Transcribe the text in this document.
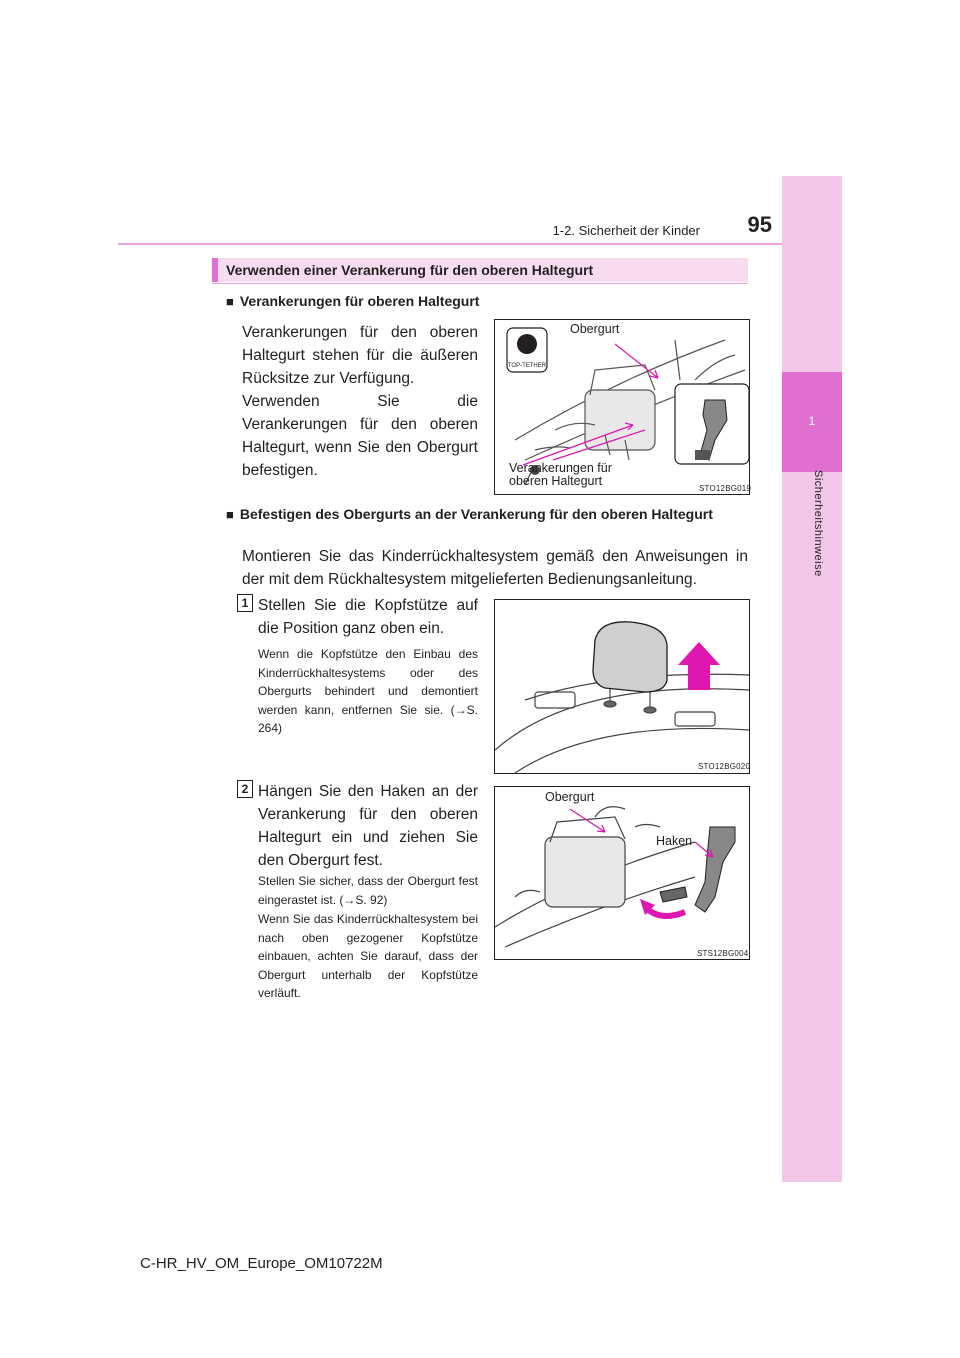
1
Sicherheitshinweise
1-2. Sicherheit der Kinder	95
Verwenden einer Verankerung für den oberen Haltegurt
■ Verankerungen für oberen Haltegurt
Verankerungen für den oberen Haltegurt stehen für die äußeren Rücksitze zur Verfügung.
Verwenden Sie die Verankerungen für den oberen Haltegurt, wenn Sie den Obergurt befestigen.
TOP-TETHER
Obergurt
Verankerungen für oberen Haltegurt
STO12BG019
■ Befestigen des Obergurts an der Verankerung für den oberen Haltegurt
Montieren Sie das Kinderrückhaltesystem gemäß den Anweisungen in der mit dem Rückhaltesystem mitgelieferten Bedienungsanleitung.
1 Stellen Sie die Kopfstütze auf die Position ganz oben ein.
Wenn die Kopfstütze den Einbau des Kinderrückhaltesystems oder des Obergurts behindert und demontiert werden kann, entfernen Sie sie. (→S. 264)
STO12BG020
2 Hängen Sie den Haken an der Verankerung für den oberen Haltegurt ein und ziehen Sie den Obergurt fest.
Stellen Sie sicher, dass der Obergurt fest eingerastet ist. (→S. 92)
Wenn Sie das Kinderrückhaltesystem bei nach oben gezogener Kopfstütze einbauen, achten Sie darauf, dass der Obergurt unterhalb der Kopfstütze verläuft.
Obergurt
Haken
STS12BG004
C-HR_HV_OM_Europe_OM10722M
